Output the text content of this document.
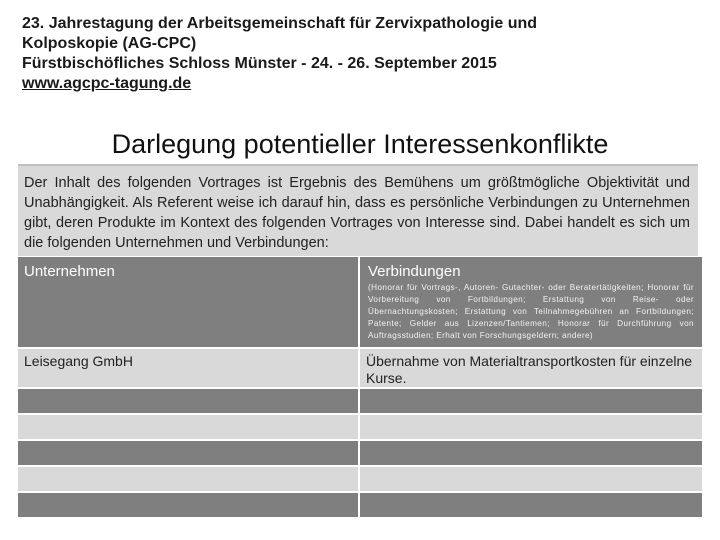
23. Jahrestagung der Arbeitsgemeinschaft für Zervixpathologie und
Kolposkopie (AG-CPC)
Fürstbischöfliches Schloss Münster - 24. - 26. September 2015
www.agcpc-tagung.de
Darlegung potentieller Interessenkonflikte
Der Inhalt des folgenden Vortrages ist Ergebnis des Bemühens um größtmögliche Objektivität und Unabhängigkeit. Als Referent weise ich darauf hin, dass es persönliche Verbindungen zu Unternehmen gibt, deren Produkte im Kontext des folgenden Vortrages von Interesse sind. Dabei handelt es sich um die folgenden Unternehmen und Verbindungen:
Unternehmen	Verbindungen
(Honorar für Vortrags-, Autoren- Gutachter- oder Beratertätigkeiten; Honorar für Vorbereitung von Fortbildungen; Erstattung von Reise- oder Übernachtungskosten; Erstattung von Teilnahmegebühren an Fortbildungen; Patente; Gelder aus Lizenzen/Tantiemen; Honorar für Durchführung von Auftragsstudien; Erhalt von Forschungsgeldern; andere)
Leisegang GmbH	Übernahme von Materialtransportkosten für einzelne Kurse.
